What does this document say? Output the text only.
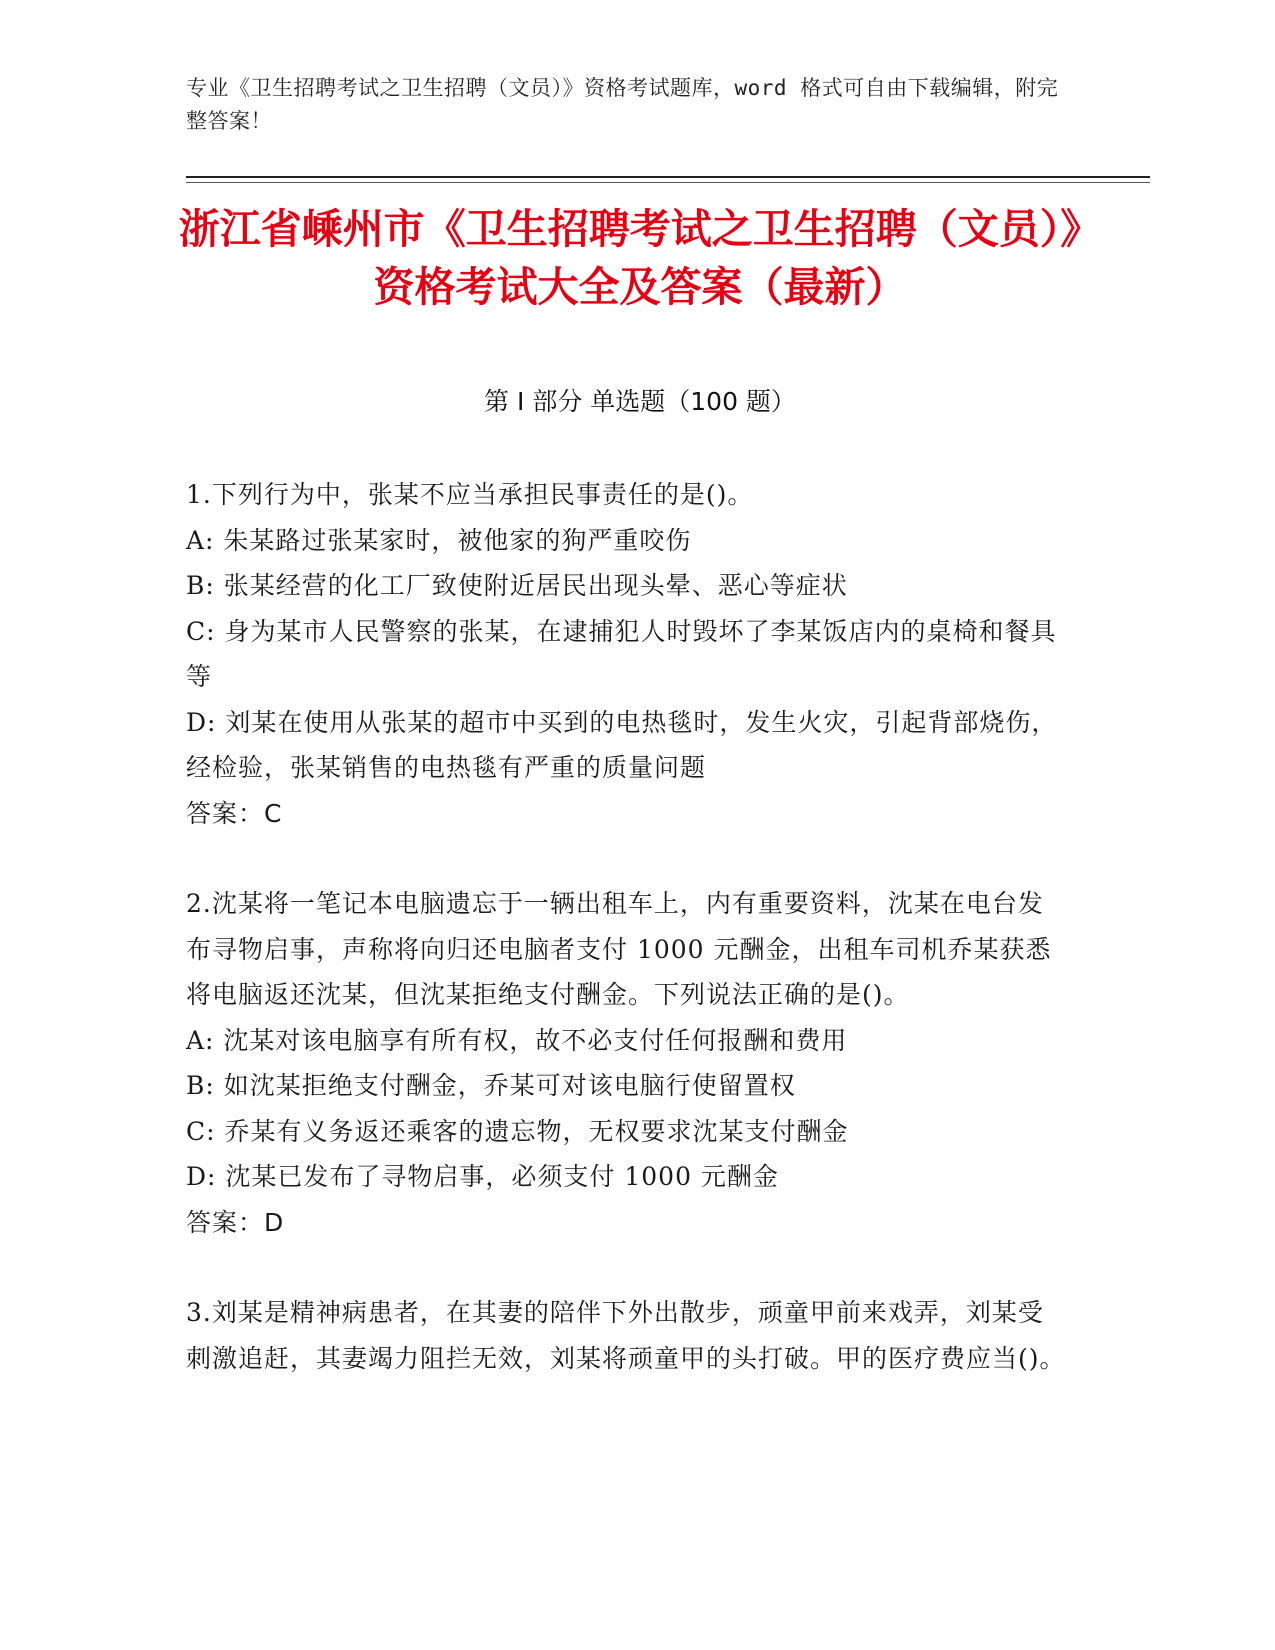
专业《卫生招聘考试之卫生招聘（文员）》资格考试题库，word 格式可自由下载编辑，附完整答案！
浙江省嵊州市《卫生招聘考试之卫生招聘（文员）》资格考试大全及答案（最新）
第 I 部分 单选题（100 题）

1.下列行为中，张某不应当承担民事责任的是()。

A: 朱某路过张某家时，被他家的狗严重咬伤

B: 张某经营的化工厂致使附近居民出现头晕、恶心等症状

C: 身为某市人民警察的张某，在逮捕犯人时毁坏了李某饭店内的桌椅和餐具等

D: 刘某在使用从张某的超市中买到的电热毯时，发生火灾，引起背部烧伤，经检验，张某销售的电热毯有严重的质量问题

答案：C

2.沈某将一笔记本电脑遗忘于一辆出租车上，内有重要资料，沈某在电台发布寻物启事，声称将向归还电脑者支付 1000 元酬金，出租车司机乔某获悉将电脑返还沈某，但沈某拒绝支付酬金。下列说法正确的是()。

A: 沈某对该电脑享有所有权，故不必支付任何报酬和费用

B: 如沈某拒绝支付酬金，乔某可对该电脑行使留置权

C: 乔某有义务返还乘客的遗忘物，无权要求沈某支付酬金

D: 沈某已发布了寻物启事，必须支付 1000 元酬金

答案：D

3.刘某是精神病患者，在其妻的陪伴下外出散步，顽童甲前来戏弄，刘某受刺激追赶，其妻竭力阻拦无效，刘某将顽童甲的头打破。甲的医疗费应当()。
